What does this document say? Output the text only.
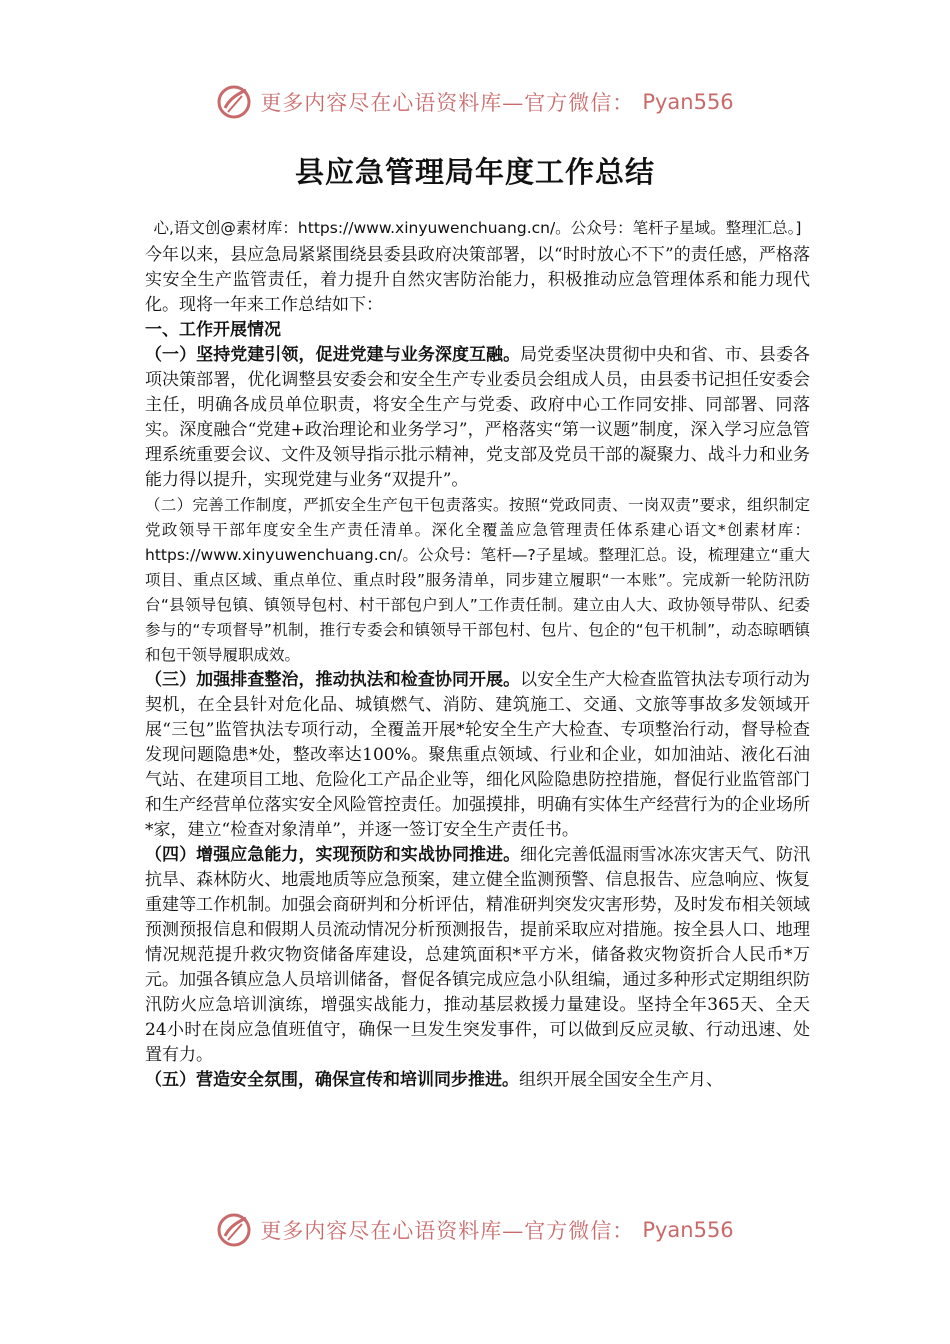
更多内容尽在心语资料库—官方微信： Pyan556
县应急管理局年度工作总结
心,语文创@素材库：https://www.xinyuwenchuang.cn/。公众号：笔杆子星域。整理汇总。]

今年以来，县应急局紧紧围绕县委县政府决策部署，以“时时放心不下”的责任感，严格落实安全生产监管责任，着力提升自然灾害防治能力，积极推动应急管理体系和能力现代化。现将一年来工作总结如下：

一、工作开展情况

（一）坚持党建引领，促进党建与业务深度互融。局党委坚决贯彻中央和省、市、县委各项决策部署，优化调整县安委会和安全生产专业委员会组成人员，由县委书记担任安委会主任，明确各成员单位职责，将安全生产与党委、政府中心工作同安排、同部署、同落实。深度融合“党建+政治理论和业务学习”，严格落实“第一议题”制度，深入学习应急管理系统重要会议、文件及领导指示批示精神，党支部及党员干部的凝聚力、战斗力和业务能力得以提升，实现党建与业务“双提升”。

（二）完善工作制度，严抓安全生产包干包责落实。按照“党政同责、一岗双责”要求，组织制定党政领导干部年度安全生产责任清单。深化全覆盖应急管理责任体系建心语文*创素材库：https://www.xinyuwenchuang.cn/。公众号：笔杆—?子星域。整理汇总。设，梳理建立“重大项目、重点区域、重点单位、重点时段”服务清单，同步建立履职“一本账”。完成新一轮防汛防台“县领导包镇、镇领导包村、村干部包户到人”工作责任制。建立由人大、政协领导带队、纪委参与的“专项督导”机制，推行专委会和镇领导干部包村、包片、包企的“包干机制”，动态晾晒镇和包干领导履职成效。

（三）加强排查整治，推动执法和检查协同开展。以安全生产大检查监管执法专项行动为契机，在全县针对危化品、城镇燃气、消防、建筑施工、交通、文旅等事故多发领域开展“三包”监管执法专项行动，全覆盖开展*轮安全生产大检查、专项整治行动，督导检查发现问题隐患*处，整改率达100%。聚焦重点领域、行业和企业，如加油站、液化石油气站、在建项目工地、危险化工产品企业等，细化风险隐患防控措施，督促行业监管部门和生产经营单位落实安全风险管控责任。加强摸排，明确有实体生产经营行为的企业场所*家，建立“检查对象清单”，并逐一签订安全生产责任书。

（四）增强应急能力，实现预防和实战协同推进。细化完善低温雨雪冰冻灾害天气、防汛抗旱、森林防火、地震地质等应急预案，建立健全监测预警、信息报告、应急响应、恢复重建等工作机制。加强会商研判和分析评估，精准研判突发灾害形势，及时发布相关领域预测预报信息和假期人员流动情况分析预测报告，提前采取应对措施。按全县人口、地理情况规范提升救灾物资储备库建设，总建筑面积*平方米，储备救灾物资折合人民币*万元。加强各镇应急人员培训储备，督促各镇完成应急小队组编，通过多种形式定期组织防汛防火应急培训演练，增强实战能力，推动基层救援力量建设。坚持全年365天、全天24小时在岗应急值班值守，确保一旦发生突发事件，可以做到反应灵敏、行动迅速、处置有力。

（五）营造安全氛围，确保宣传和培训同步推进。组织开展全国安全生产月、

更多内容尽在心语资料库—官方微信： Pyan556
